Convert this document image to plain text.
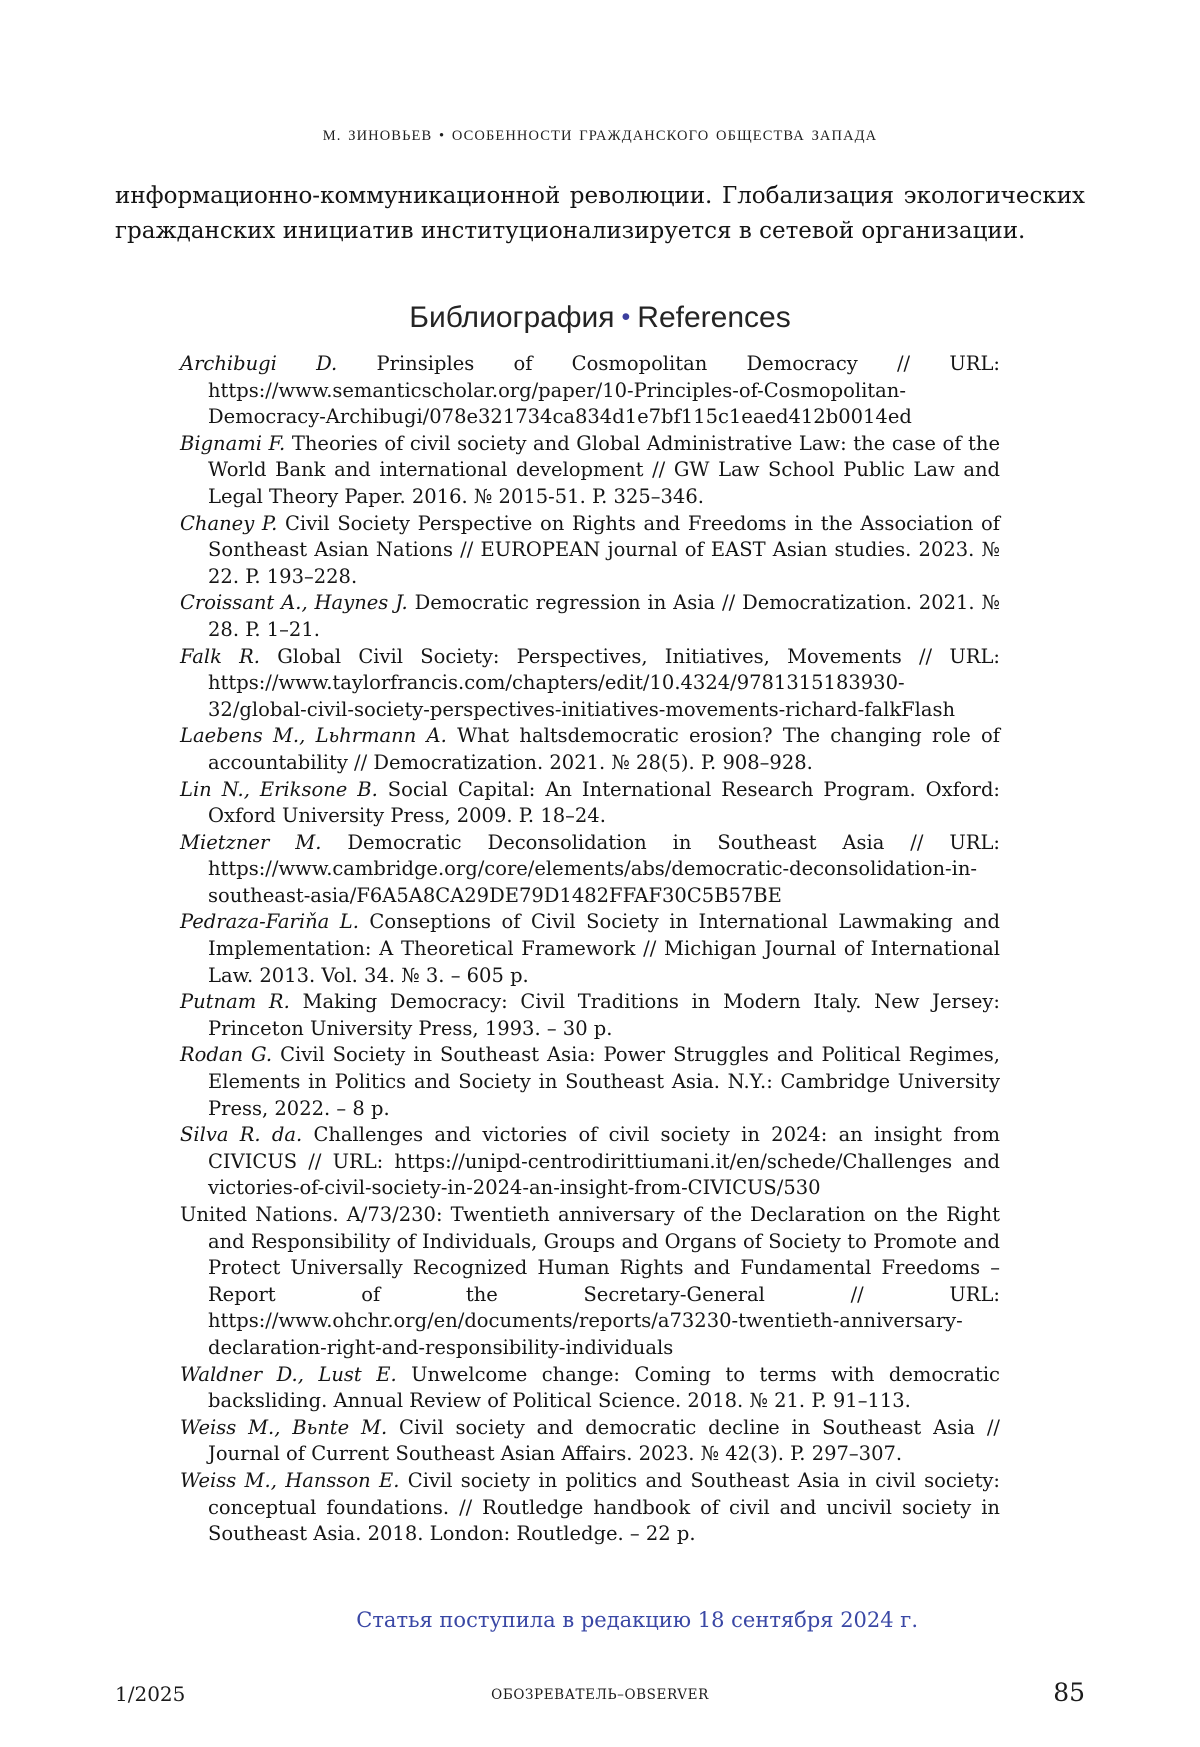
М. ЗИНОВЬЕВ • ОСОБЕННОСТИ ГРАЖДАНСКОГО ОБЩЕСТВА ЗАПАДА

информационно-коммуникационной революции. Глобализация экологических гражданских инициатив институционализируется в сетевой организации.

Библиография • References

Archibugi D. Prinsiples of Cosmopolitan Democracy // URL: https://www.semanticscholar.org/paper/10-Principles-of-Cosmopolitan-Democracy-Archibugi/078e321734ca834d1e7bf115c1eaed412b0014ed

Bignami F. Theories of civil society and Global Administrative Law: the case of the World Bank and international development // GW Law School Public Law and Legal Theory Paper. 2016. № 2015-51. P. 325–346.

Chaney P. Civil Society Perspective on Rights and Freedoms in the Association of Sontheast Asian Nations // EUROPEAN journal of EAST Asian studies. 2023. № 22. P. 193–228.

Croissant A., Haynes J. Democratic regression in Asia // Democratization. 2021. № 28. P. 1–21.

Falk R. Global Civil Society: Perspectives, Initiatives, Movements // URL: https://www.taylorfrancis.com/chapters/edit/10.4324/9781315183930-32/global-civil-society-perspectives-initiatives-movements-richard-falkFlash

Laebens M., Lьhrmann A. What haltsdemocratic erosion? The changing role of accountability // Democratization. 2021. № 28(5). P. 908–928.

Lin N., Eriksone B. Social Capital: An International Research Program. Oxford: Oxford University Press, 2009. P. 18–24.

Mietzner M. Democratic Deconsolidation in Southeast Asia // URL: https://www.cambridge.org/core/elements/abs/democratic-deconsolidation-in-southeast-asia/F6A5A8CA29DE79D1482FFAF30C5B57BE

Pedraza-Fariňa L. Conseptions of Civil Society in International Lawmaking and Implementation: A Theoretical Framework // Michigan Journal of International Law. 2013. Vol. 34. № 3. – 605 p.

Putnam R. Making Democracy: Civil Traditions in Modern Italy. New Jersey: Princeton University Press, 1993. – 30 p.

Rodan G. Civil Society in Southeast Asia: Power Struggles and Political Regimes, Elements in Politics and Society in Southeast Asia. N.Y.: Cambridge University Press, 2022. – 8 p.

Silva R. da. Challenges and victories of civil society in 2024: an insight from CIVICUS // URL: https://unipd-centrodirittiumani.it/en/schede/Challenges and victories-of-civil-society-in-2024-an-insight-from-CIVICUS/530

United Nations. A/73/230: Twentieth anniversary of the Declaration on the Right and Responsibility of Individuals, Groups and Organs of Society to Promote and Protect Universally Recognized Human Rights and Fundamental Freedoms – Report of the Secretary-General // URL: https://www.ohchr.org/en/documents/reports/a73230-twentieth-anniversary-declaration-right-and-responsibility-individuals

Waldner D., Lust E. Unwelcome change: Coming to terms with democratic backsliding. Annual Review of Political Science. 2018. № 21. P. 91–113.

Weiss M., Bьnte M. Civil society and democratic decline in Southeast Asia // Journal of Current Southeast Asian Affairs. 2023. № 42(3). P. 297–307.

Weiss M., Hansson E. Civil society in politics and Southeast Asia in civil society: conceptual foundations. // Routledge handbook of civil and uncivil society in Southeast Asia. 2018. London: Routledge. – 22 p.

Статья поступила в редакцию 18 сентября 2024 г.
1/2025	ОБОЗРЕВАТЕЛЬ–OBSERVER	85
